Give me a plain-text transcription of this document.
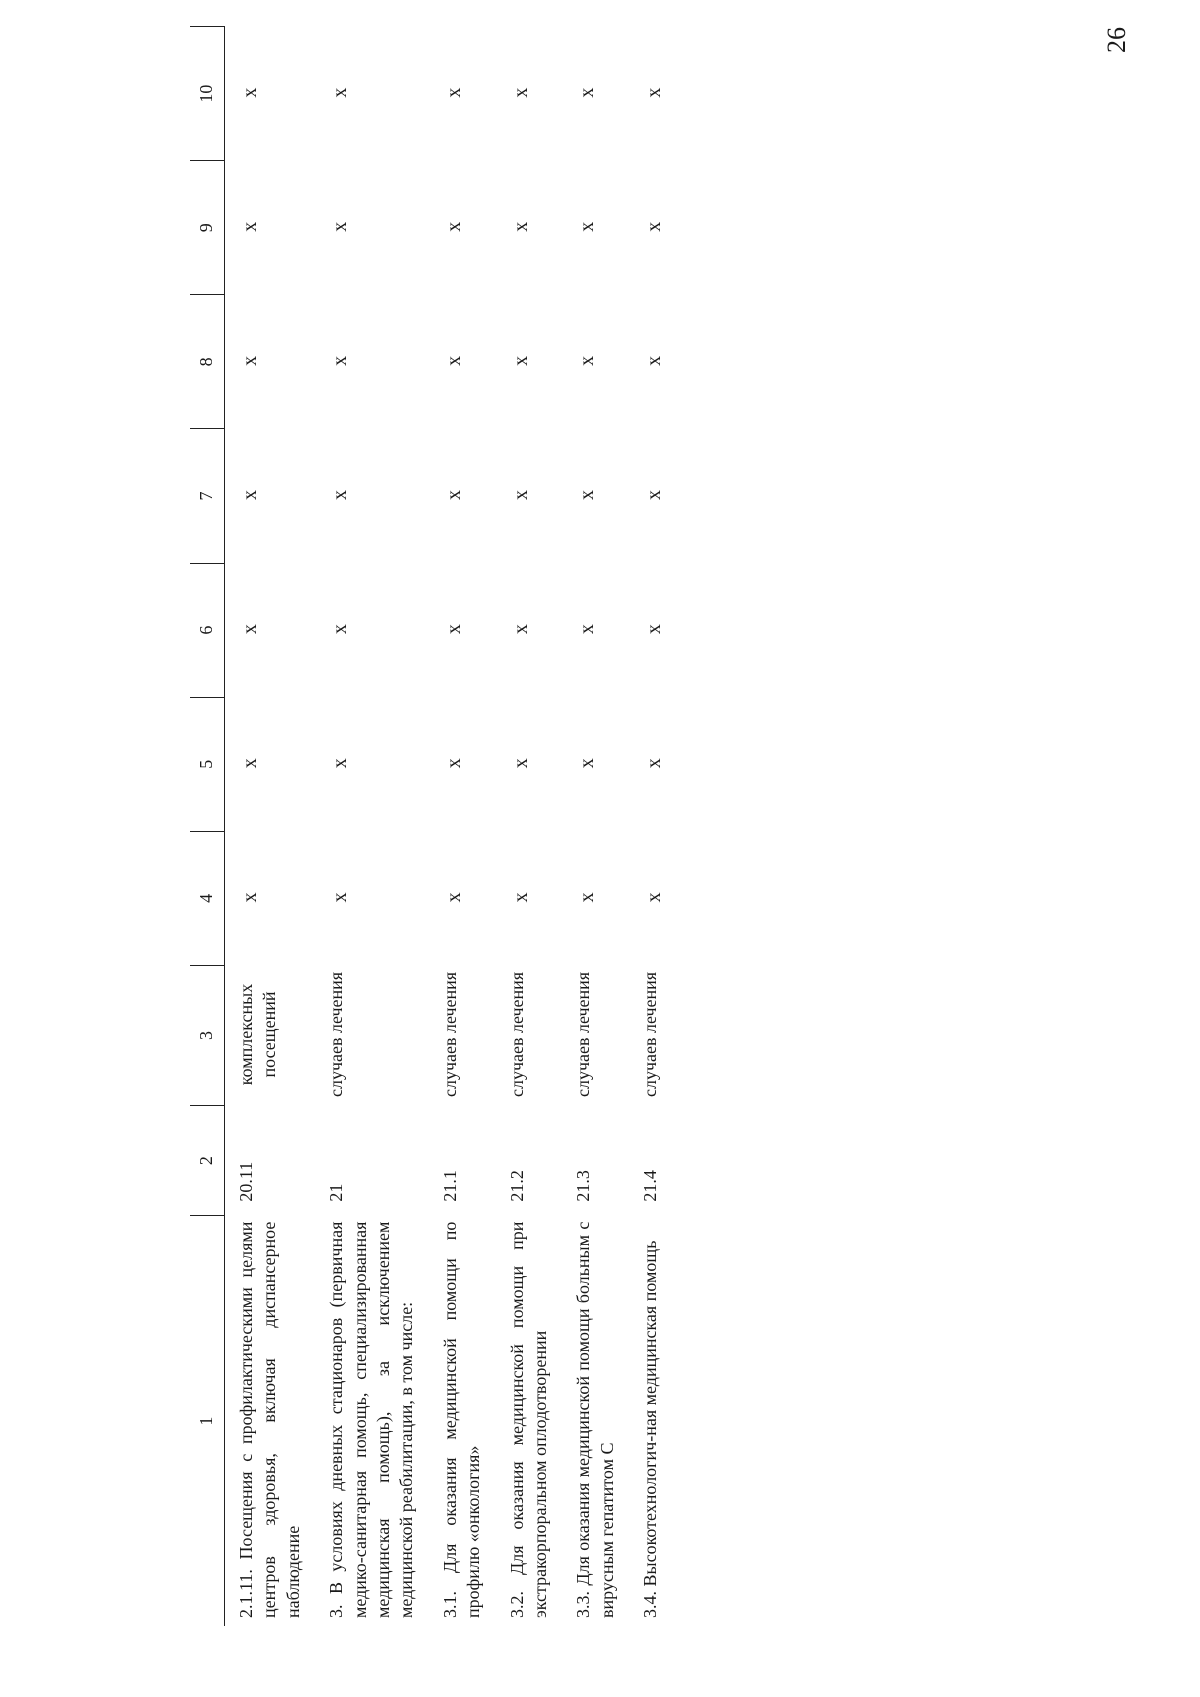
26
1	2	3	4	5	6	7	8	9	10
2.1.11. Посещения с профилактическими целями центров здоровья, включая диспансерное наблюдение	20.11	комплексных посещений	х	х	х	х	х	х	х
3. В условиях дневных стационаров (первичная медико-санитарная помощь, специализированная медицинская помощь), за исключением медицинской реабилитации, в том числе:	21	случаев лечения	х	х	х	х	х	х	х
3.1. Для оказания медицинской помощи по профилю «онкология»	21.1	случаев лечения	х	х	х	х	х	х	х
3.2. Для оказания медицинской помощи при экстракорпоральном оплодотворении	21.2	случаев лечения	х	х	х	х	х	х	х
3.3. Для оказания медицинской помощи больным с вирусным гепатитом С	21.3	случаев лечения	х	х	х	х	х	х	х
3.4. Высокотехнологич-ная медицинская помощь	21.4	случаев лечения	х	х	х	х	х	х	х
